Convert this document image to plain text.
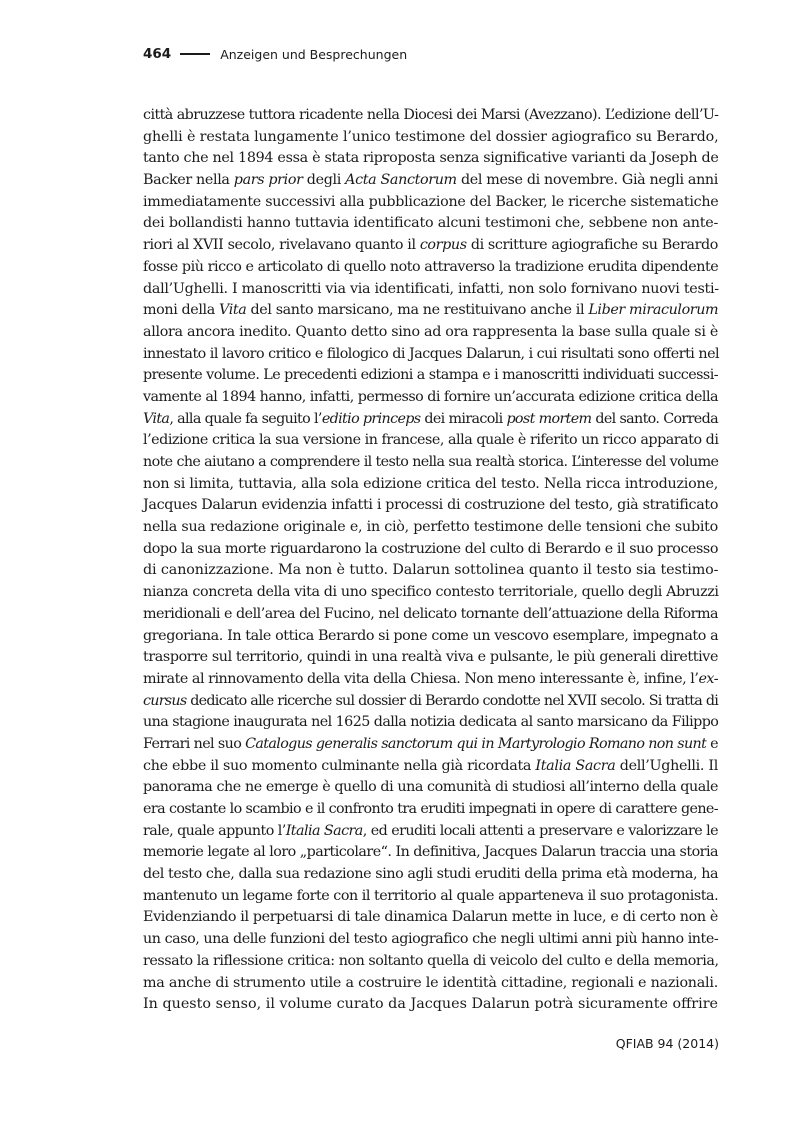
464	Anzeigen und Besprechungen
città abruzzese tuttora ricadente nella Diocesi dei Marsi (Avezzano). L’edizione dell’U-
ghelli è restata lungamente l’unico testimone del dossier agiografico su Berardo,
tanto che nel 1894 essa è stata riproposta senza significative varianti da Joseph de
Backer nella pars prior degli Acta Sanctorum del mese di novembre. Già negli anni
immediatamente successivi alla pubblicazione del Backer, le ricerche sistematiche
dei bollandisti hanno tuttavia identificato alcuni testimoni che, sebbene non ante-
riori al XVII secolo, rivelavano quanto il corpus di scritture agiografiche su Berardo
fosse più ricco e articolato di quello noto attraverso la tradizione erudita dipendente
dall’Ughelli. I manoscritti via via identificati, infatti, non solo fornivano nuovi testi-
moni della Vita del santo marsicano, ma ne restituivano anche il Liber miraculorum
allora ancora inedito. Quanto detto sino ad ora rappresenta la base sulla quale si è
innestato il lavoro critico e filologico di Jacques Dalarun, i cui risultati sono offerti nel
presente volume. Le precedenti edizioni a stampa e i manoscritti individuati successi-
vamente al 1894 hanno, infatti, permesso di fornire un’accurata edizione critica della
Vita, alla quale fa seguito l’editio princeps dei miracoli post mortem del santo. Correda
l’edizione critica la sua versione in francese, alla quale è riferito un ricco apparato di
note che aiutano a comprendere il testo nella sua realtà storica. L’interesse del volume
non si limita, tuttavia, alla sola edizione critica del testo. Nella ricca introduzione,
Jacques Dalarun evidenzia infatti i processi di costruzione del testo, già stratificato
nella sua redazione originale e, in ciò, perfetto testimone delle tensioni che subito
dopo la sua morte riguardarono la costruzione del culto di Berardo e il suo processo
di canonizzazione. Ma non è tutto. Dalarun sottolinea quanto il testo sia testimo-
nianza concreta della vita di uno specifico contesto territoriale, quello degli Abruzzi
meridionali e dell’area del Fucino, nel delicato tornante dell’attuazione della Riforma
gregoriana. In tale ottica Berardo si pone come un vescovo esemplare, impegnato a
trasporre sul territorio, quindi in una realtà viva e pulsante, le più generali direttive
mirate al rinnovamento della vita della Chiesa. Non meno interessante è, infine, l’ex-
cursus dedicato alle ricerche sul dossier di Berardo condotte nel XVII secolo. Si tratta di
una stagione inaugurata nel 1625 dalla notizia dedicata al santo marsicano da Filippo
Ferrari nel suo Catalogus generalis sanctorum qui in Martyrologio Romano non sunt e
che ebbe il suo momento culminante nella già ricordata Italia Sacra dell’Ughelli. Il
panorama che ne emerge è quello di una comunità di studiosi all’interno della quale
era costante lo scambio e il confronto tra eruditi impegnati in opere di carattere gene-
rale, quale appunto l’Italia Sacra, ed eruditi locali attenti a preservare e valorizzare le
memorie legate al loro „particolare“. In definitiva, Jacques Dalarun traccia una storia
del testo che, dalla sua redazione sino agli studi eruditi della prima età moderna, ha
mantenuto un legame forte con il territorio al quale apparteneva il suo protagonista.
Evidenziando il perpetuarsi di tale dinamica Dalarun mette in luce, e di certo non è
un caso, una delle funzioni del testo agiografico che negli ultimi anni più hanno inte-
ressato la riflessione critica: non soltanto quella di veicolo del culto e della memoria,
ma anche di strumento utile a costruire le identità cittadine, regionali e nazionali.
In questo senso, il volume curato da Jacques Dalarun potrà sicuramente offrire
QFIAB 94 (2014)
